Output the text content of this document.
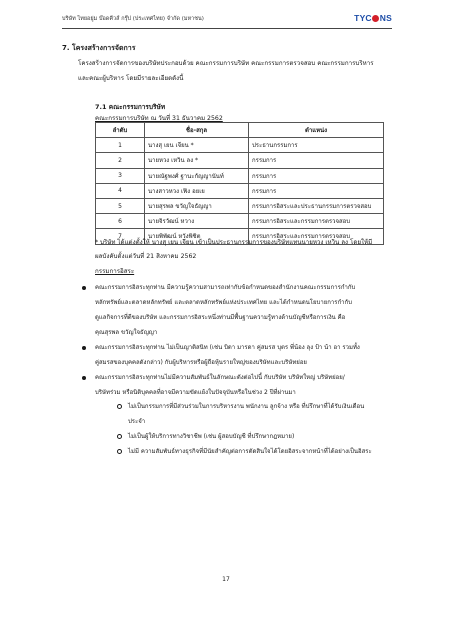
บริษัท ไทยอยู่ม บ๊อดคีวส์ กรุ๊ป (ประเทศไทย) จำกัด (มหาชน)	TYC NS
7. โครงสร้างการจัดการ
โครงสร้างการจัดการของบริษัทประกอบด้วย คณะกรรมการบริษัท คณะกรรมการตรวจสอบ คณะกรรมการบริหาร
และคณะผู้บริหาร โดยมีรายละเอียดดังนี้
7.1 คณะกรรมการบริษัท
คณะกรรมการบริษัท ณ วันที่ 31 ธันวาคม 2562
ลำดับ	ชื่อ-สกุล	ตำแหน่ง
1	นางสุ เยน เจียน *	ประธานกรรมการ
2	นายหวง เหวิน ลง *	กรรมการ
3	นายณัฐพงศ์ ฐานะกัญญานันท์	กรรมการ
4	นางสาวหวง เฟิง อยเย	กรรมการ
5	นายสุรพล ขวัญใจธัญญา	กรรมการอิสระและประธานกรรมการตรวจสอบ
6	นายจิรวัฒน์ หวาง	กรรมการอิสระและกรรมการตรวจสอบ
7	นายพิพัฒน์ หวังพิชิต	กรรมการอิสระและกรรมการตรวจสอบ
* บริษัท ได้แต่งตั้งให้ นางสุ เยน เจียน เข้าเป็นประธานกรรมการของบริษัทแทนนายหวง เหวิน ลง โดยให้มี
ผลบังคับตั้งแต่วันที่ 21 สิงหาคม 2562
กรรมการอิสระ
คณะกรรมการอิสระทุกท่าน มีความรู้ความสามารถเท่ากับข้อกำหนดของสำนักงานคณะกรรมการกำกับ
หลักทรัพย์และตลาดหลักทรัพย์ และตลาดหลักทรัพย์แห่งประเทศไทย และได้กำหนดนโยบายการกำกับ
ดูแลกิจการที่ดีของบริษัท และกรรมการอิสระหนึ่งท่านมีพื้นฐานความรู้ทางด้านบัญชีหรือการเงิน คือ
คุณสุรพล ขวัญใจธัญญา
คณะกรรมการอิสระทุกท่าน ไม่เป็นญาติสนิท (เช่น บิดา มารดา คู่สมรส บุตร พี่น้อง ลุง ป้า น้า อา รวมทั้ง
คู่สมรสของบุคคลดังกล่าว) กับผู้บริหารหรือผู้ถือหุ้นรายใหญ่ของบริษัทและบริษัทย่อย
คณะกรรมการอิสระทุกท่านไม่มีความสัมพันธ์ในลักษณะดังต่อไปนี้ กับบริษัท บริษัทใหญ่ บริษัทย่อย/
บริษัทร่วม หรือนิติบุคคลที่อาจมีความขัดแย้งในปัจจุบันหรือในช่วง 2 ปีที่ผ่านมา
ไม่เป็นกรรมการที่มีส่วนร่วมในการบริหารงาน พนักงาน ลูกจ้าง หรือ ที่ปรึกษาที่ได้รับเงินเดือน
ประจำ
ไม่เป็นผู้ให้บริการทางวิชาชีพ (เช่น ผู้สอบบัญชี ที่ปรึกษากฎหมาย)
ไม่มี ความสัมพันธ์ทางธุรกิจที่มีนัยสำคัญต่อการตัดสินใจได้โดยอิสระจากหน้าที่ได้อย่างเป็นอิสระ
17
